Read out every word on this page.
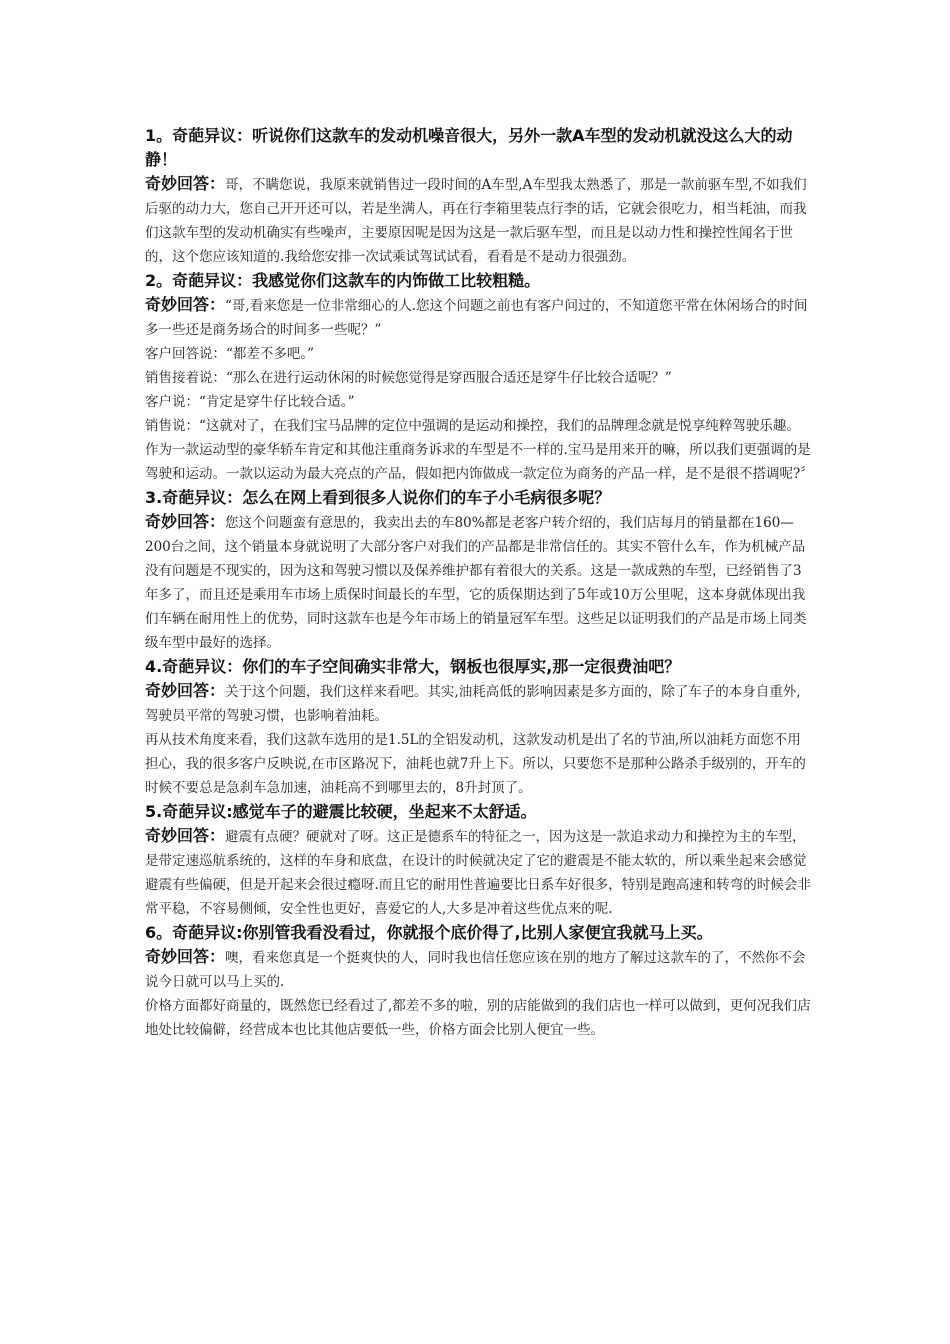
1。奇葩异议：听说你们这款车的发动机噪音很大，另外一款A车型的发动机就没这么大的动静！

奇妙回答：哥，不瞒您说，我原来就销售过一段时间的A车型,A车型我太熟悉了，那是一款前驱车型,不如我们后驱的动力大，您自己开开还可以，若是坐满人，再在行李箱里装点行李的话，它就会很吃力，相当耗油，而我们这款车型的发动机确实有些噪声，主要原因呢是因为这是一款后驱车型，而且是以动力性和操控性闻名于世的，这个您应该知道的.我给您安排一次试乘试驾试试看，看看是不是动力很强劲。

2。奇葩异议：我感觉你们这款车的内饰做工比较粗糙。

奇妙回答：“哥,看来您是一位非常细心的人.您这个问题之前也有客户问过的，不知道您平常在休闲场合的时间多一些还是商务场合的时间多一些呢？”

客户回答说：“都差不多吧。”

销售接着说：“那么在进行运动休闲的时候您觉得是穿西服合适还是穿牛仔比较合适呢？”

客户说：“肯定是穿牛仔比较合适。”

销售说：“这就对了，在我们宝马品牌的定位中强调的是运动和操控，我们的品牌理念就是悦享纯粹驾驶乐趣。作为一款运动型的豪华轿车肯定和其他注重商务诉求的车型是不一样的.宝马是用来开的嘛，所以我们更强调的是驾驶和运动。一款以运动为最大亮点的产品，假如把内饰做成一款定位为商务的产品一样，是不是很不搭调呢?〞

3.奇葩异议：怎么在网上看到很多人说你们的车子小毛病很多呢？

奇妙回答：您这个问题蛮有意思的，我卖出去的车80%都是老客户转介绍的，我们店每月的销量都在160—200台之间，这个销量本身就说明了大部分客户对我们的产品都是非常信任的。其实不管什么车，作为机械产品没有问题是不现实的，因为这和驾驶习惯以及保养维护都有着很大的关系。这是一款成熟的车型，已经销售了3年多了，而且还是乘用车市场上质保时间最长的车型，它的质保期达到了5年或10万公里呢，这本身就体现出我们车辆在耐用性上的优势，同时这款车也是今年市场上的销量冠军车型。这些足以证明我们的产品是市场上同类级车型中最好的选择。

4.奇葩异议：你们的车子空间确实非常大，钢板也很厚实,那一定很费油吧？

奇妙回答：关于这个问题，我们这样来看吧。其实,油耗高低的影响因素是多方面的，除了车子的本身自重外,驾驶员平常的驾驶习惯，也影响着油耗。

再从技术角度来看，我们这款车选用的是1.5L的全铝发动机，这款发动机是出了名的节油,所以油耗方面您不用担心，我的很多客户反映说,在市区路况下，油耗也就7升上下。所以，只要您不是那种公路杀手级别的，开车的时候不要总是急刹车急加速，油耗高不到哪里去的，8升封顶了。

5.奇葩异议:感觉车子的避震比较硬，坐起来不太舒适。

奇妙回答：避震有点硬？硬就对了呀。这正是德系车的特征之一，因为这是一款追求动力和操控为主的车型，是带定速巡航系统的，这样的车身和底盘，在设计的时候就决定了它的避震是不能太软的，所以乘坐起来会感觉避震有些偏硬，但是开起来会很过瘾呀.而且它的耐用性普遍要比日系车好很多，特别是跑高速和转弯的时候会非常平稳，不容易侧倾，安全性也更好，喜爱它的人,大多是冲着这些优点来的呢.

6。奇葩异议:你别管我看没看过，你就报个底价得了,比别人家便宜我就马上买。

奇妙回答：噢，看来您真是一个挺爽快的人，同时我也信任您应该在别的地方了解过这款车的了，不然你不会说今日就可以马上买的.

价格方面都好商量的，既然您已经看过了,都差不多的啦，别的店能做到的我们店也一样可以做到，更何况我们店地处比较偏僻，经营成本也比其他店要低一些，价格方面会比别人便宜一些。
